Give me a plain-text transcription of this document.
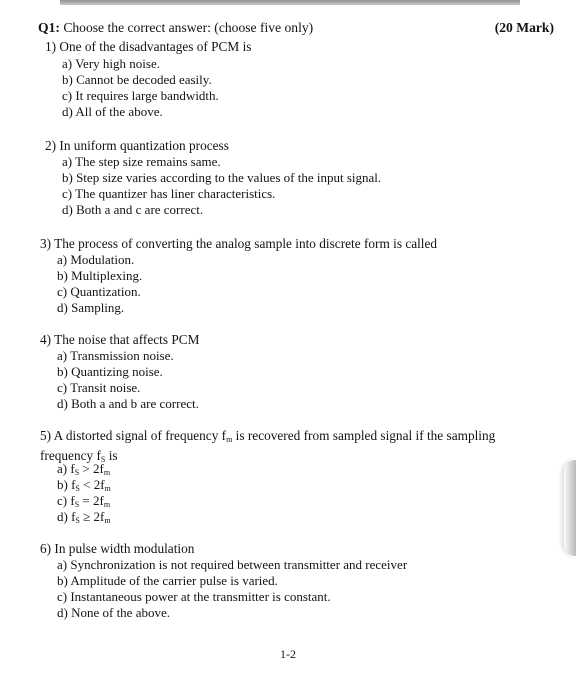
Q1: Choose the correct answer: (choose five only)	(20 Mark)
1) One of the disadvantages of PCM is
a) Very high noise.
b) Cannot be decoded easily.
c) It requires large bandwidth.
d) All of the above.
2) In uniform quantization process
a) The step size remains same.
b) Step size varies according to the values of the input signal.
c) The quantizer has liner characteristics.
d) Both a and c are correct.
3) The process of converting the analog sample into discrete form is called
a) Modulation.
b) Multiplexing.
c) Quantization.
d) Sampling.
4) The noise that affects PCM
a) Transmission noise.
b) Quantizing noise.
c) Transit noise.
d) Both a and b are correct.
5) A distorted signal of frequency fm is recovered from sampled signal if the sampling frequency fS is
a) $f_S > 2f_m$
b) $f_S < 2f_m$
c) $f_S = 2f_m$
d) $f_S \ge 2f_m$
6) In pulse width modulation
a) Synchronization is not required between transmitter and receiver
b) Amplitude of the carrier pulse is varied.
c) Instantaneous power at the transmitter is constant.
d) None of the above.
1-2
